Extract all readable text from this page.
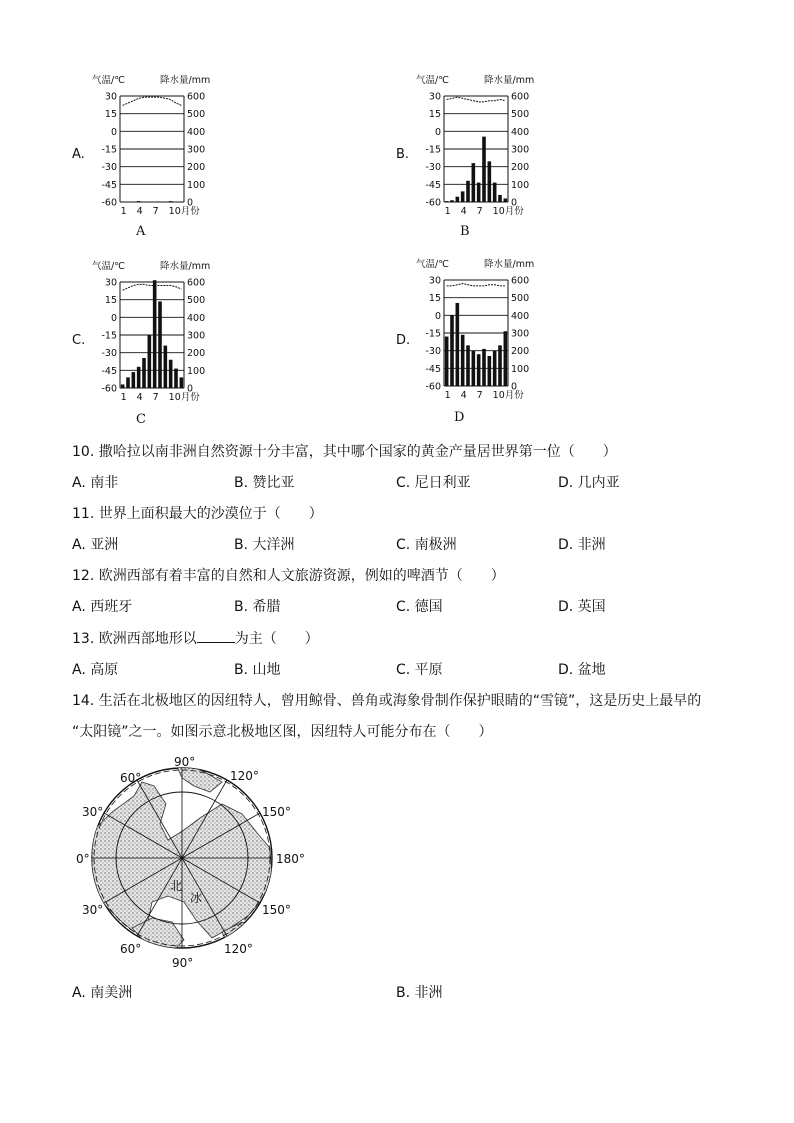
A.
气温/℃	降水量/mm
30	600
15	500
0	400
-15	300
-30	200
-45	100
-60	0
1 4 7 10月份
A
B.
气温/℃	降水量/mm
30	600
15	500
0	400
-15	300
-30	200
-45	100
-60	0
1 4 7 10月份
B
C.
气温/℃	降水量/mm
30	600
15	500
0	400
-15	300
-30	200
-45	100
-60	0
1 4 7 10月份
C
D.
气温/℃	降水量/mm
30	600
15	500
0	400
-15	300
-30	200
-45	100
-60	0
1 4 7 10月份
D
10. 撒哈拉以南非洲自然资源十分丰富，其中哪个国家的黄金产量居世界第一位（　　）
A. 南非	B. 赞比亚	C. 尼日利亚	D. 几内亚
11. 世界上面积最大的沙漠位于（　　）
A. 亚洲	B. 大洋洲	C. 南极洲	D. 非洲
12. 欧洲西部有着丰富的自然和人文旅游资源，例如的啤酒节（　　）
A. 西班牙	B. 希腊	C. 德国	D. 英国
13. 欧洲西部地形以	为主（　　）
A. 高原	B. 山地	C. 平原	D. 盆地
14. 生活在北极地区的因纽特人，曾用鲸骨、兽角或海象骨制作保护眼睛的“雪镜”，这是历史上最早的
“太阳镜”之一。如图示意北极地区图，因纽特人可能分布在（　　）
北
冰
90°
120°
60°
150°
30°
180°
0°
150°
30°
120°
60°
90°
A. 南美洲	B. 非洲
